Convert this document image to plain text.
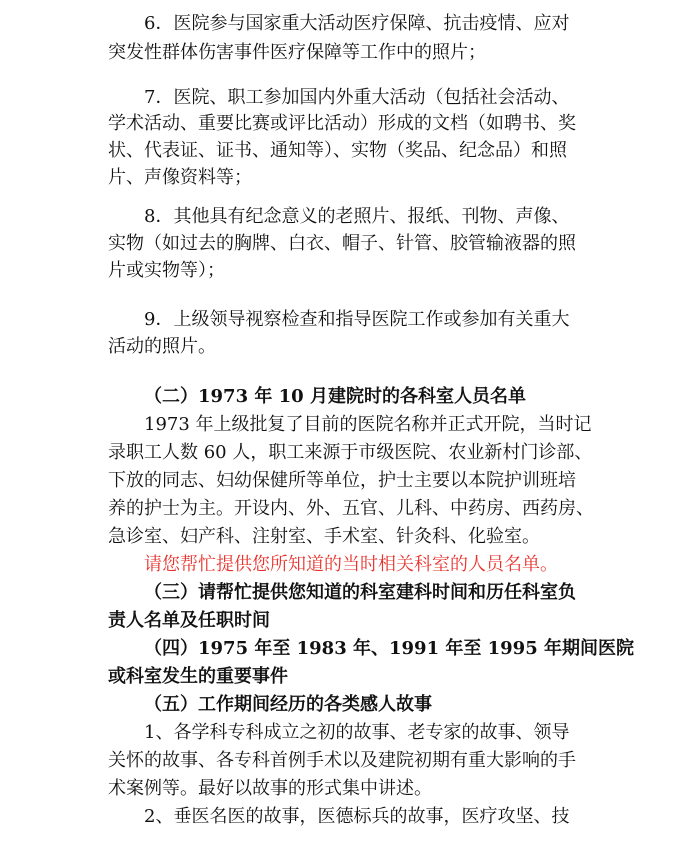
6．医院参与国家重大活动医疗保障、抗击疫情、应对
突发性群体伤害事件医疗保障等工作中的照片；
7．医院、职工参加国内外重大活动（包括社会活动、
学术活动、重要比赛或评比活动）形成的文档（如聘书、奖
状、代表证、证书、通知等）、实物（奖品、纪念品）和照
片、声像资料等；
8．其他具有纪念意义的老照片、报纸、刊物、声像、
实物（如过去的胸牌、白衣、帽子、针管、胶管输液器的照
片或实物等）；
9．上级领导视察检查和指导医院工作或参加有关重大
活动的照片。
（二）1973 年 10 月建院时的各科室人员名单
1973 年上级批复了目前的医院名称并正式开院，当时记
录职工人数 60 人，职工来源于市级医院、农业新村门诊部、
下放的同志、妇幼保健所等单位，护士主要以本院护训班培
养的护士为主。开设内、外、五官、儿科、中药房、西药房、
急诊室、妇产科、注射室、手术室、针灸科、化验室。
请您帮忙提供您所知道的当时相关科室的人员名单。
（三）请帮忙提供您知道的科室建科时间和历任科室负
责人名单及任职时间
（四）1975 年至 1983 年、1991 年至 1995 年期间医院
或科室发生的重要事件
（五）工作期间经历的各类感人故事
1、各学科专科成立之初的故事、老专家的故事、领导
关怀的故事、各专科首例手术以及建院初期有重大影响的手
术案例等。最好以故事的形式集中讲述。
2、垂医名医的故事，医德标兵的故事，医疗攻坚、技
